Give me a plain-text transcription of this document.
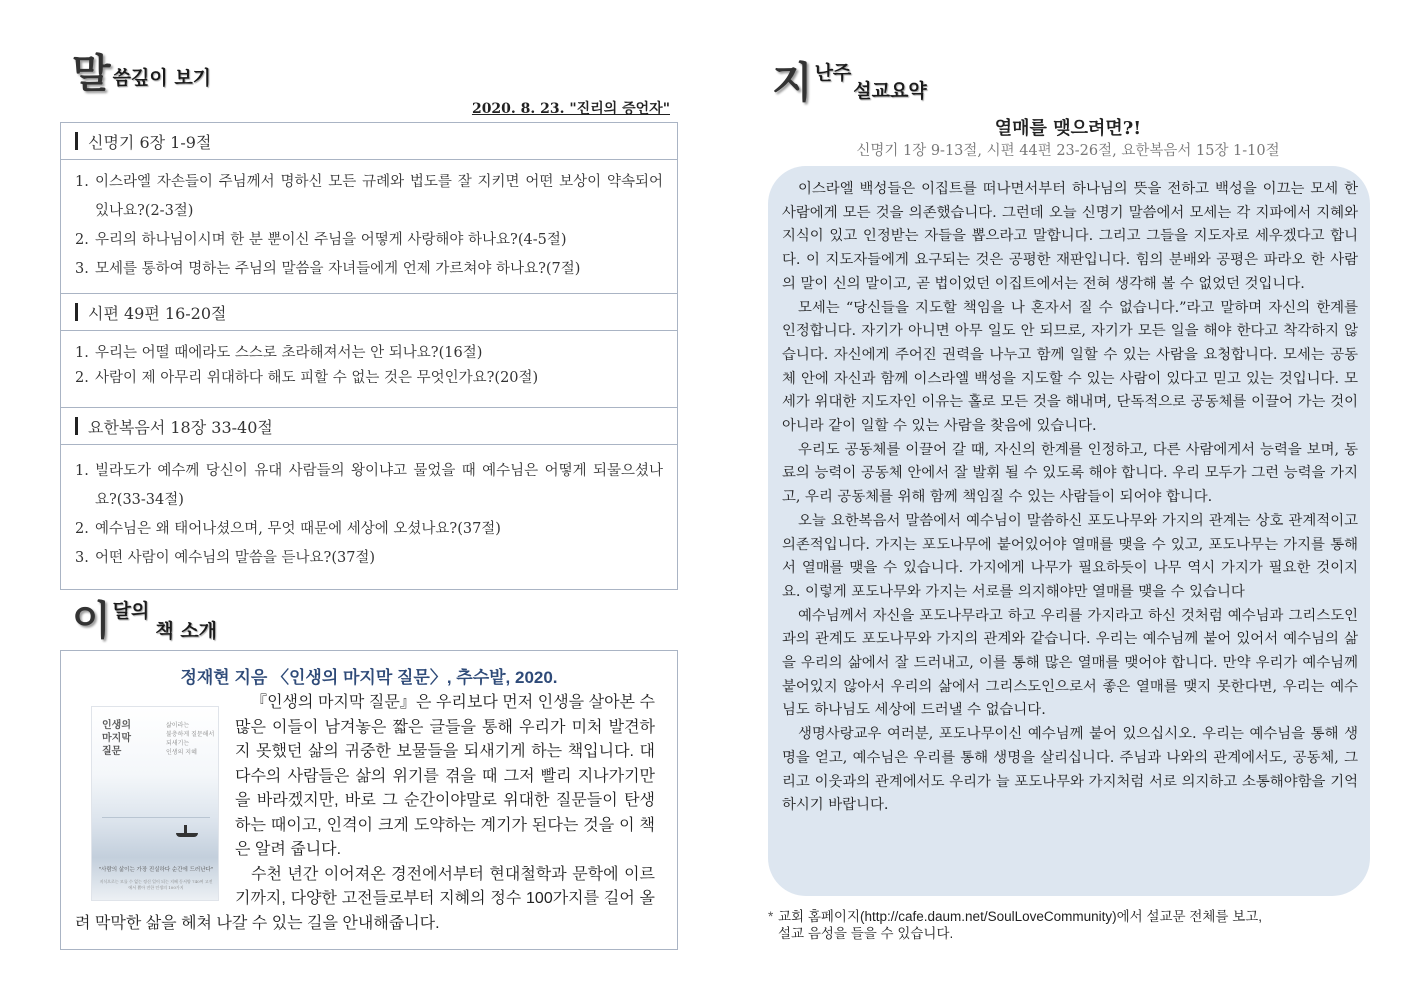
말 씀깊이 보기
2020. 8. 23. "진리의 증언자"
신명기 6장 1-9절
1. 이스라엘 자손들이 주님께서 명하신 모든 규례와 법도를 잘 지키면 어떤 보상이 약속되어 있나요?(2-3절)
2. 우리의 하나님이시며 한 분 뿐이신 주님을 어떻게 사랑해야 하나요?(4-5절)
3. 모세를 통하여 명하는 주님의 말씀을 자녀들에게 언제 가르쳐야 하나요?(7절)
시편 49편 16-20절
1. 우리는 어떨 때에라도 스스로 초라해져서는 안 되나요?(16절)
2. 사람이 제 아무리 위대하다 해도 피할 수 없는 것은 무엇인가요?(20절)
요한복음서 18장 33-40절
1. 빌라도가 예수께 당신이 유대 사람들의 왕이냐고 물었을 때 예수님은 어떻게 되물으셨나요?(33-34절)
2. 예수님은 왜 태어나셨으며, 무엇 때문에 세상에 오셨나요?(37절)
3. 어떤 사람이 예수님의 말씀을 듣나요?(37절)
이 달의
책 소개
정재현 지음 〈인생의 마지막 질문〉, 추수밭, 2020.
인생의
마지막
질문
삶이라는
불충하게 질문해서
되새기는
인생의 지혜
"사람의 삶이는 가장 진실하다 순간에 드러난다"
지식으로는 모를 수 없는 정신 일이 되는 지혜 동서양 740여 고전에서 뽑아 전한 인생의 100가지

『인생의 마지막 질문』은 우리보다 먼저 인생을 살아본 수많은 이들이 남겨놓은 짧은 글들을 통해 우리가 미처 발견하지 못했던 삶의 귀중한 보물들을 되새기게 하는 책입니다. 대다수의 사람들은 삶의 위기를 겪을 때 그저 빨리 지나가기만을 바라겠지만, 바로 그 순간이야말로 위대한 질문들이 탄생하는 때이고, 인격이 크게 도약하는 계기가 된다는 것을 이 책은 알려 줍니다.

수천 년간 이어져온 경전에서부터 현대철학과 문학에 이르기까지, 다양한 고전들로부터 지혜의 정수 100가지를 길어 올려 막막한 삶을 헤쳐 나갈 수 있는 길을 안내해줍니다.

지 난주
설교요약
열매를 맺으려면?!
신명기 1장 9-13절, 시편 44편 23-26절, 요한복음서 15장 1-10절

이스라엘 백성들은 이집트를 떠나면서부터 하나님의 뜻을 전하고 백성을 이끄는 모세 한 사람에게 모든 것을 의존했습니다. 그런데 오늘 신명기 말씀에서 모세는 각 지파에서 지혜와 지식이 있고 인정받는 자들을 뽑으라고 말합니다. 그리고 그들을 지도자로 세우겠다고 합니다. 이 지도자들에게 요구되는 것은 공평한 재판입니다. 힘의 분배와 공평은 파라오 한 사람의 말이 신의 말이고, 곧 법이었던 이집트에서는 전혀 생각해 볼 수 없었던 것입니다.

모세는 “당신들을 지도할 책임을 나 혼자서 질 수 없습니다.”라고 말하며 자신의 한계를 인정합니다. 자기가 아니면 아무 일도 안 되므로, 자기가 모든 일을 해야 한다고 착각하지 않습니다. 자신에게 주어진 권력을 나누고 함께 일할 수 있는 사람을 요청합니다. 모세는 공동체 안에 자신과 함께 이스라엘 백성을 지도할 수 있는 사람이 있다고 믿고 있는 것입니다. 모세가 위대한 지도자인 이유는 홀로 모든 것을 해내며, 단독적으로 공동체를 이끌어 가는 것이 아니라 같이 일할 수 있는 사람을 찾음에 있습니다.

우리도 공동체를 이끌어 갈 때, 자신의 한계를 인정하고, 다른 사람에게서 능력을 보며, 동료의 능력이 공동체 안에서 잘 발휘 될 수 있도록 해야 합니다. 우리 모두가 그런 능력을 가지고, 우리 공동체를 위해 함께 책임질 수 있는 사람들이 되어야 합니다.

오늘 요한복음서 말씀에서 예수님이 말씀하신 포도나무와 가지의 관계는 상호 관계적이고 의존적입니다. 가지는 포도나무에 붙어있어야 열매를 맺을 수 있고, 포도나무는 가지를 통해서 열매를 맺을 수 있습니다. 가지에게 나무가 필요하듯이 나무 역시 가지가 필요한 것이지요. 이렇게 포도나무와 가지는 서로를 의지해야만 열매를 맺을 수 있습니다

예수님께서 자신을 포도나무라고 하고 우리를 가지라고 하신 것처럼 예수님과 그리스도인과의 관계도 포도나무와 가지의 관계와 같습니다. 우리는 예수님께 붙어 있어서 예수님의 삶을 우리의 삶에서 잘 드러내고, 이를 통해 많은 열매를 맺어야 합니다. 만약 우리가 예수님께 붙어있지 않아서 우리의 삶에서 그리스도인으로서 좋은 열매를 맺지 못한다면, 우리는 예수님도 하나님도 세상에 드러낼 수 없습니다.

생명사랑교우 여러분, 포도나무이신 예수님께 붙어 있으십시오. 우리는 예수님을 통해 생명을 얻고, 예수님은 우리를 통해 생명을 살리십니다. 주님과 나와의 관계에서도, 공동체, 그리고 이웃과의 관계에서도 우리가 늘 포도나무와 가지처럼 서로 의지하고 소통해야함을 기억하시기 바랍니다.

* 교회 홈페이지(http://cafe.daum.net/SoulLoveCommunity)에서 설교문 전체를 보고,
설교 음성을 들을 수 있습니다.
